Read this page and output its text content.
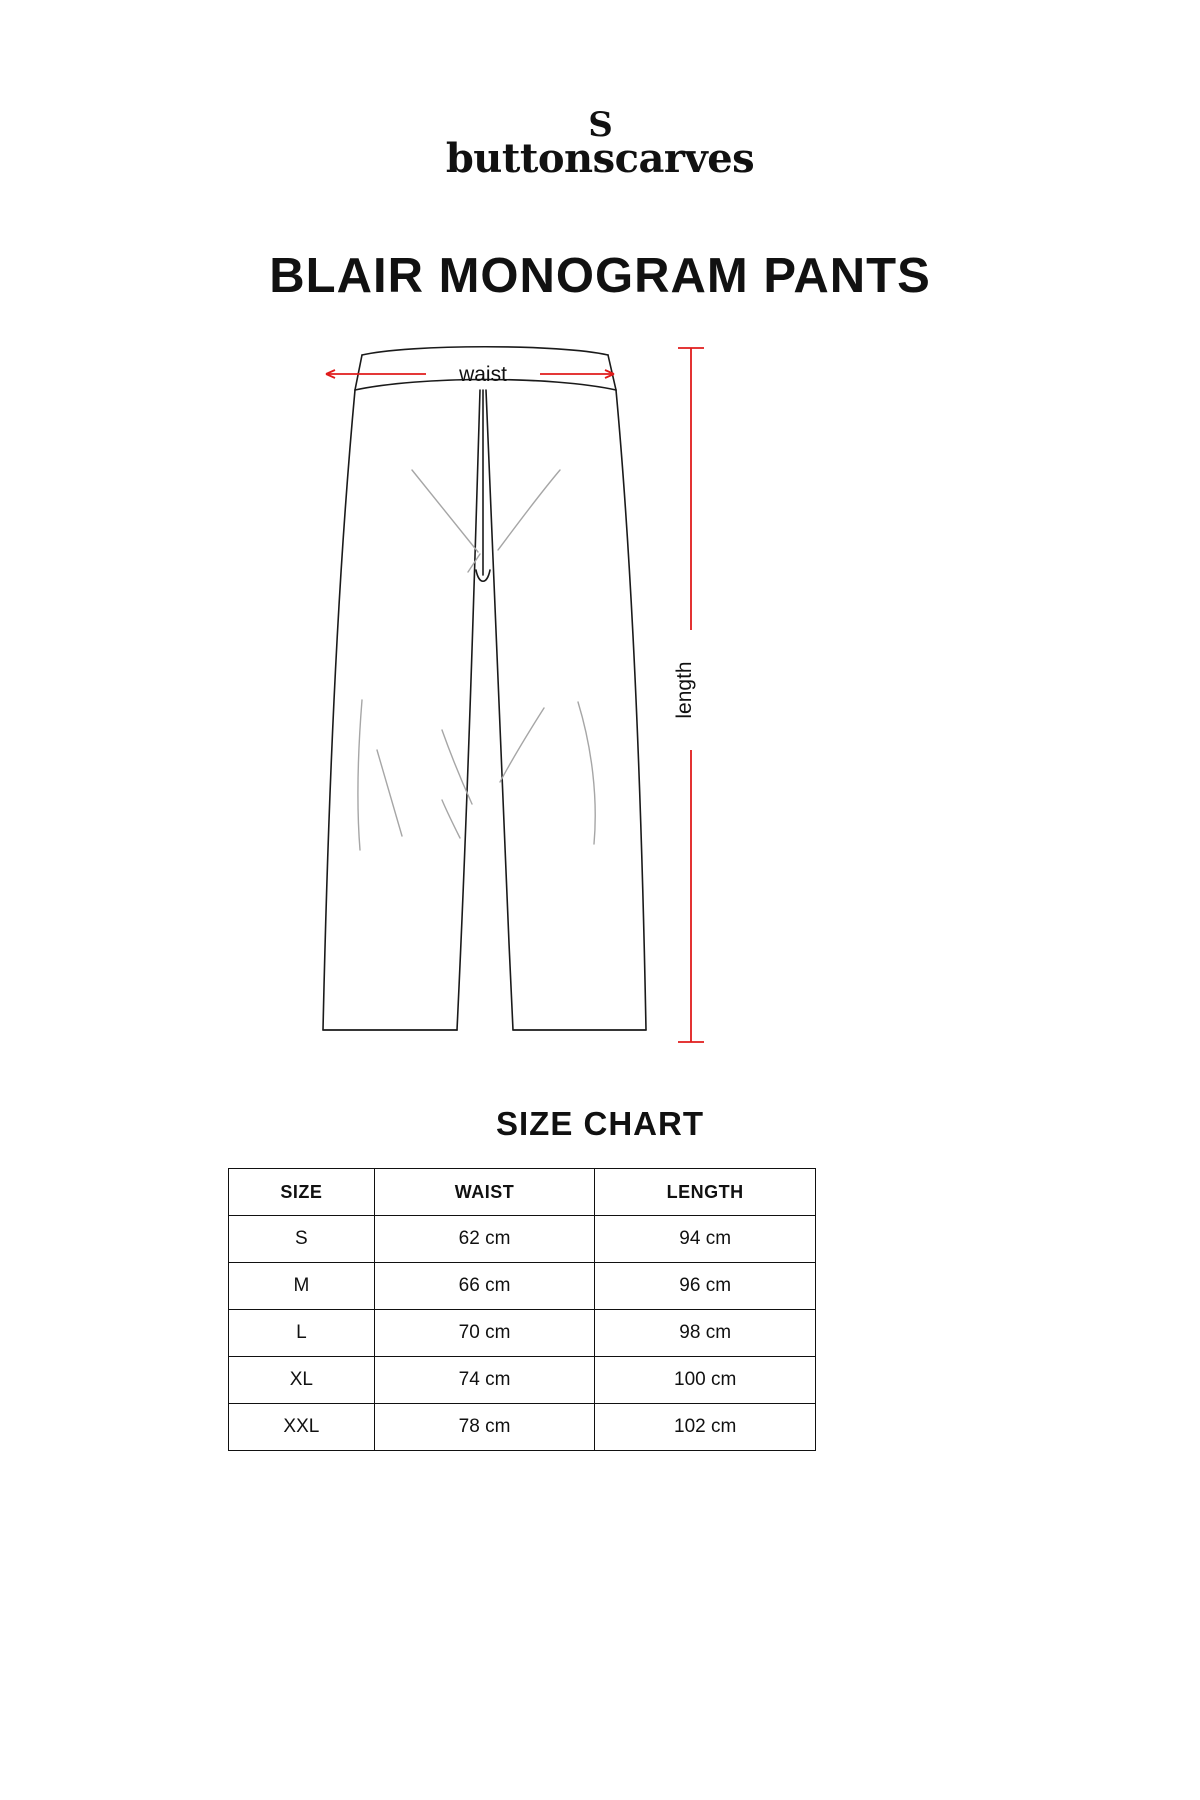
S
buttonscarves
BLAIR MONOGRAM PANTS
waist
length
SIZE CHART
SIZE	WAIST	LENGTH
S	62 cm	94 cm
M	66 cm	96 cm
L	70 cm	98 cm
XL	74 cm	100 cm
XXL	78 cm	102 cm
